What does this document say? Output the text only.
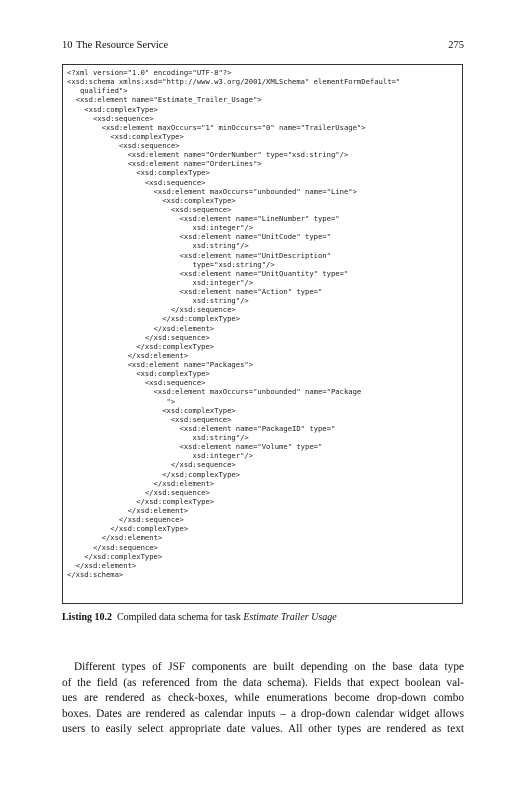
10 The Resource Service	275
<?xml version="1.0" encoding="UTF-8"?>
<xsd:schema xmlns:xsd="http://www.w3.org/2001/XMLSchema" elementFormDefault="
qualified">
<xsd:element name="Estimate_Trailer_Usage">
<xsd:complexType>
<xsd:sequence>
<xsd:element maxOccurs="1" minOccurs="0" name="TrailerUsage">
<xsd:complexType>
<xsd:sequence>
<xsd:element name="OrderNumber" type="xsd:string"/>
<xsd:element name="OrderLines">
<xsd:complexType>
<xsd:sequence>
<xsd:element maxOccurs="unbounded" name="Line">
<xsd:complexType>
<xsd:sequence>
<xsd:element name="LineNumber" type="
xsd:integer"/>
<xsd:element name="UnitCode" type="
xsd:string"/>
<xsd:element name="UnitDescription"
type="xsd:string"/>
<xsd:element name="UnitQuantity" type="
xsd:integer"/>
<xsd:element name="Action" type="
xsd:string"/>
</xsd:sequence>
</xsd:complexType>
</xsd:element>
</xsd:sequence>
</xsd:complexType>
</xsd:element>
<xsd:element name="Packages">
<xsd:complexType>
<xsd:sequence>
<xsd:element maxOccurs="unbounded" name="Package
">
<xsd:complexType>
<xsd:sequence>
<xsd:element name="PackageID" type="
xsd:string"/>
<xsd:element name="Volume" type="
xsd:integer"/>
</xsd:sequence>
</xsd:complexType>
</xsd:element>
</xsd:sequence>
</xsd:complexType>
</xsd:element>
</xsd:sequence>
</xsd:complexType>
</xsd:element>
</xsd:sequence>
</xsd:complexType>
</xsd:element>
</xsd:schema>
Listing 10.2 Compiled data schema for task Estimate Trailer Usage
Different types of JSF components are built depending on the base data type
of the field (as referenced from the data schema). Fields that expect boolean val-
ues are rendered as check-boxes, while enumerations become drop-down combo
boxes. Dates are rendered as calendar inputs – a drop-down calendar widget allows
users to easily select appropriate date values. All other types are rendered as text
